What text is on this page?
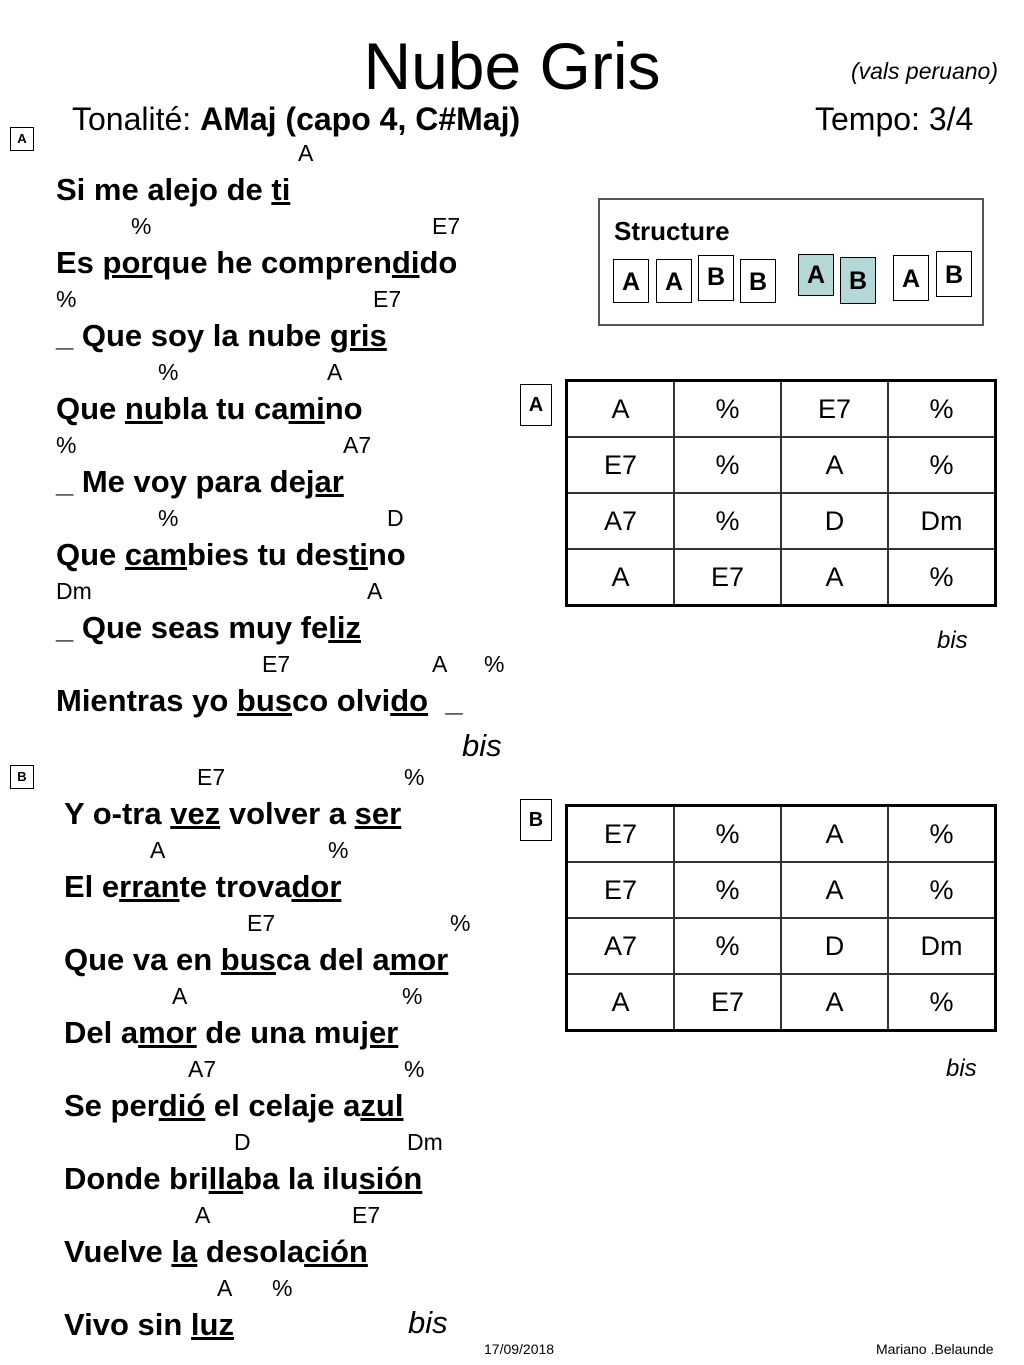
Nube Gris	(vals peruano)
Tonalité: AMaj (capo 4, C#Maj)	Tempo: 3/4
A
B
A
Si me alejo de ti
%	E7
Es porque he comprendido
%	E7
_ Que soy la nube gris
%	A
Que nubla tu camino
%	A7
_ Me voy para dejar
%	D
Que cambies tu destino
Dm	A
_ Que seas muy feliz
E7	A %
Mientras yo busco olvido  _
bis
E7	%
Y o-tra vez volver a ser
A	%
El errante trovador
E7	%
Que va en busca del amor
A	%
Del amor de una mujer
A7	%
Se perdió el celaje azul
D	Dm
Donde brillaba la ilusión
A	E7
Vuelve la desolación
A %
Vivo sin luz	bis
Structure
A A B B	A B	A B
A	A	%	E7	%
E7	%	A	%
A7	%	D	Dm
A	E7	A	%
bis
B	E7	%	A	%
E7	%	A	%
A7	%	D	Dm
A	E7	A	%
bis
17/09/2018	Mariano .Belaunde
